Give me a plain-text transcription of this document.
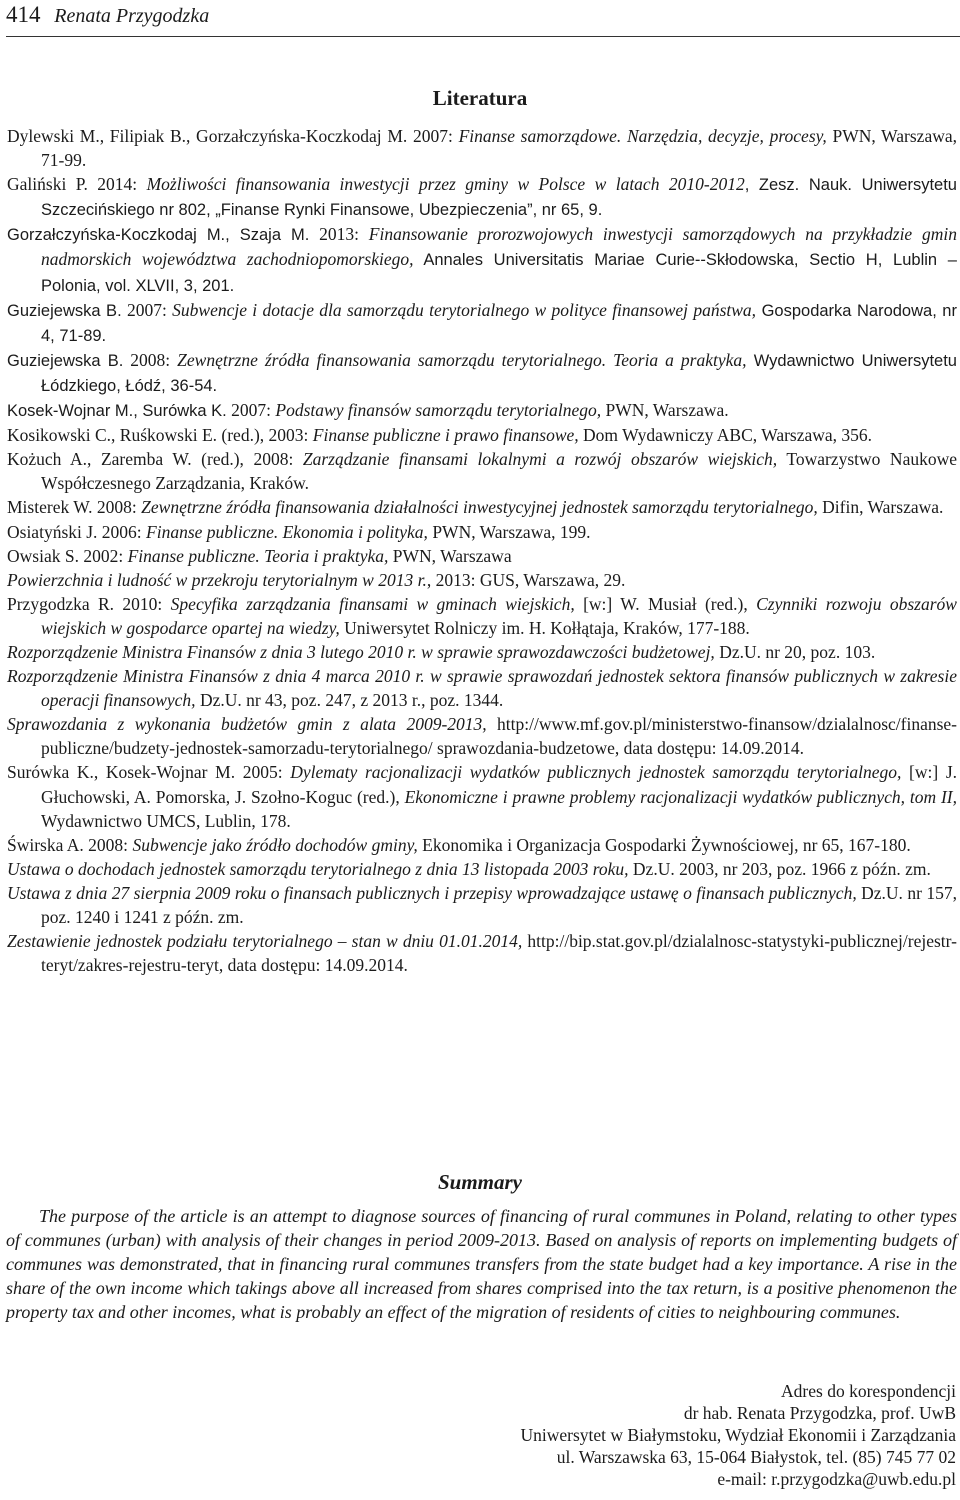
414 Renata Przygodzka
Literatura

Dylewski M., Filipiak B., Gorzałczyńska-Koczkodaj M. 2007: Finanse samorządowe. Narzędzia, decyzje, procesy, PWN, Warszawa, 71-99.

Galiński P. 2014: Możliwości finansowania inwestycji przez gminy w Polsce w latach 2010-2012, Zesz. Nauk. Uniwersytetu Szczecińskiego nr 802, „Finanse Rynki Finansowe, Ubezpieczenia”, nr 65, 9.

Gorzałczyńska-Koczkodaj M., Szaja M. 2013: Finansowanie prorozwojowych inwestycji samorządowych na przykładzie gmin nadmorskich województwa zachodniopomorskiego, Annales Universitatis Mariae Curie--Skłodowska, Sectio H, Lublin – Polonia, vol. XLVII, 3, 201.

Guziejewska B. 2007: Subwencje i dotacje dla samorządu terytorialnego w polityce finansowej państwa, Gospodarka Narodowa, nr 4, 71-89.

Guziejewska B. 2008: Zewnętrzne źródła finansowania samorządu terytorialnego. Teoria a praktyka, Wydawnictwo Uniwersytetu Łódzkiego, Łódź, 36-54.

Kosek-Wojnar M., Surówka K. 2007: Podstawy finansów samorządu terytorialnego, PWN, Warszawa.

Kosikowski C., Ruśkowski E. (red.), 2003: Finanse publiczne i prawo finansowe, Dom Wydawniczy ABC, Warszawa, 356.

Kożuch A., Zaremba W. (red.), 2008: Zarządzanie finansami lokalnymi a rozwój obszarów wiejskich, Towarzystwo Naukowe Współczesnego Zarządzania, Kraków.

Misterek W. 2008: Zewnętrzne źródła finansowania działalności inwestycyjnej jednostek samorządu terytorialnego, Difin, Warszawa.

Osiatyński J. 2006: Finanse publiczne. Ekonomia i polityka, PWN, Warszawa, 199.

Owsiak S. 2002: Finanse publiczne. Teoria i praktyka, PWN, Warszawa

Powierzchnia i ludność w przekroju terytorialnym w 2013 r., 2013: GUS, Warszawa, 29.

Przygodzka R. 2010: Specyfika zarządzania finansami w gminach wiejskich, [w:] W. Musiał (red.), Czynniki rozwoju obszarów wiejskich w gospodarce opartej na wiedzy, Uniwersytet Rolniczy im. H. Kołłątaja, Kraków, 177-188.

Rozporządzenie Ministra Finansów z dnia 3 lutego 2010 r. w sprawie sprawozdawczości budżetowej, Dz.U. nr 20, poz. 103.

Rozporządzenie Ministra Finansów z dnia 4 marca 2010 r. w sprawie sprawozdań jednostek sektora finansów publicznych w zakresie operacji finansowych, Dz.U. nr 43, poz. 247, z 2013 r., poz. 1344.

Sprawozdania z wykonania budżetów gmin z alata 2009-2013, http://www.mf.gov.pl/ministerstwo-finansow/dzialalnosc/finanse-publiczne/budzety-jednostek-samorzadu-terytorialnego/ sprawozdania-budzetowe, data dostępu: 14.09.2014.

Surówka K., Kosek-Wojnar M. 2005: Dylematy racjonalizacji wydatków publicznych jednostek samorządu terytorialnego, [w:] J. Głuchowski, A. Pomorska, J. Szołno-Koguc (red.), Ekonomiczne i prawne problemy racjonalizacji wydatków publicznych, tom II, Wydawnictwo UMCS, Lublin, 178.

Świrska A. 2008: Subwencje jako źródło dochodów gminy, Ekonomika i Organizacja Gospodarki Żywnościowej, nr 65, 167-180.

Ustawa o dochodach jednostek samorządu terytorialnego z dnia 13 listopada 2003 roku, Dz.U. 2003, nr 203, poz. 1966 z późn. zm.

Ustawa z dnia 27 sierpnia 2009 roku o finansach publicznych i przepisy wprowadzające ustawę o finansach publicznych, Dz.U. nr 157, poz. 1240 i 1241 z późn. zm.

Zestawienie jednostek podziału terytorialnego – stan w dniu 01.01.2014, http://bip.stat.gov.pl/dzialalnosc-statystyki-publicznej/rejestr-teryt/zakres-rejestru-teryt, data dostępu: 14.09.2014.

Summary
The purpose of the article is an attempt to diagnose sources of financing of rural communes in Poland, relating to other types of communes (urban) with analysis of their changes in period 2009-2013. Based on analysis of reports on implementing budgets of communes was demonstrated, that in financing rural communes transfers from the state budget had a key importance. A rise in the share of the own income which takings above all increased from shares comprised into the tax return, is a positive phenomenon the property tax and other incomes, what is probably an effect of the migration of residents of cities to neighbouring communes.
Adres do korespondencji
dr hab. Renata Przygodzka, prof. UwB
Uniwersytet w Białymstoku, Wydział Ekonomii i Zarządzania
ul. Warszawska 63, 15-064 Białystok, tel. (85) 745 77 02
e-mail: r.przygodzka@uwb.edu.pl
